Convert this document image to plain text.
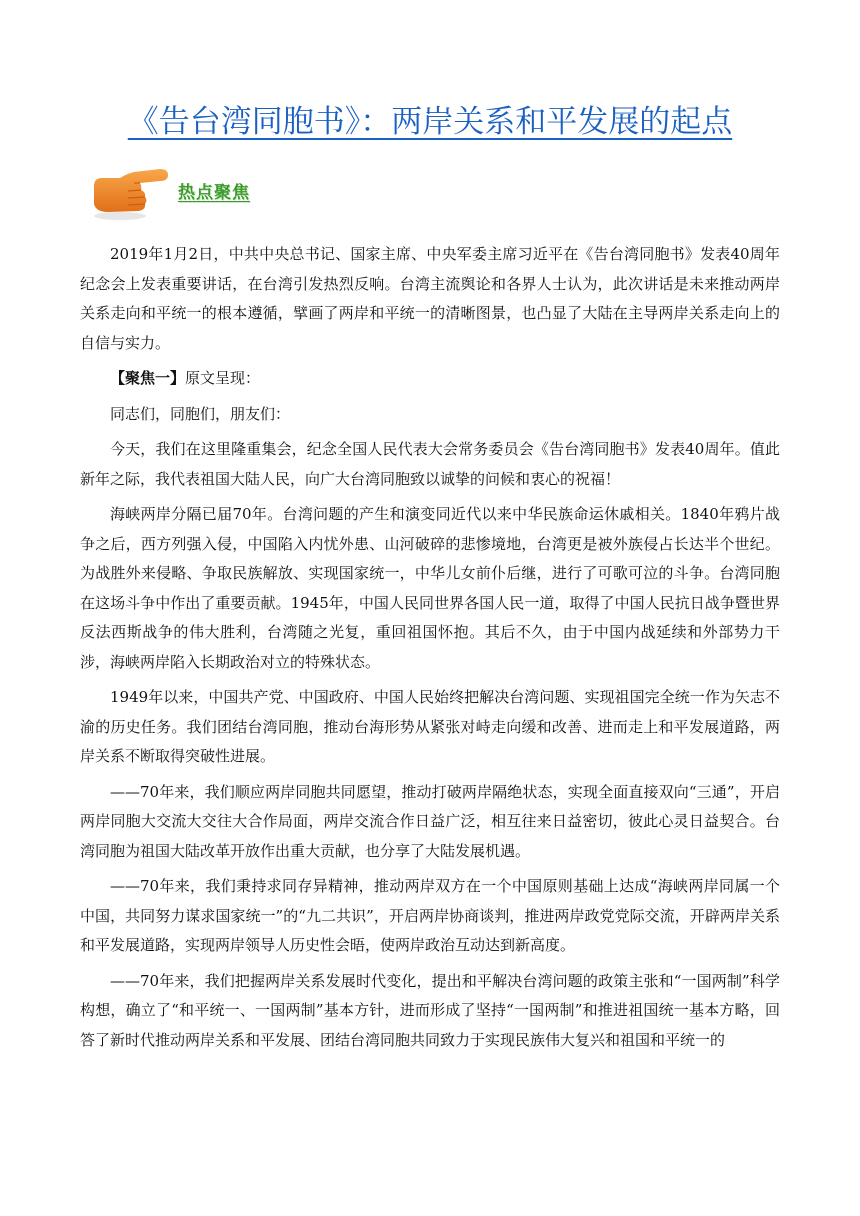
《告台湾同胞书》：两岸关系和平发展的起点
热点聚焦

2019年1月2日，中共中央总书记、国家主席、中央军委主席习近平在《告台湾同胞书》发表40周年纪念会上发表重要讲话，在台湾引发热烈反响。台湾主流舆论和各界人士认为，此次讲话是未来推动两岸关系走向和平统一的根本遵循，擘画了两岸和平统一的清晰图景，也凸显了大陆在主导两岸关系走向上的自信与实力。

【聚焦一】原文呈现：

同志们，同胞们，朋友们：

今天，我们在这里隆重集会，纪念全国人民代表大会常务委员会《告台湾同胞书》发表40周年。值此新年之际，我代表祖国大陆人民，向广大台湾同胞致以诚挚的问候和衷心的祝福！

海峡两岸分隔已届70年。台湾问题的产生和演变同近代以来中华民族命运休戚相关。1840年鸦片战争之后，西方列强入侵，中国陷入内忧外患、山河破碎的悲惨境地，台湾更是被外族侵占长达半个世纪。为战胜外来侵略、争取民族解放、实现国家统一，中华儿女前仆后继，进行了可歌可泣的斗争。台湾同胞在这场斗争中作出了重要贡献。1945年，中国人民同世界各国人民一道，取得了中国人民抗日战争暨世界反法西斯战争的伟大胜利，台湾随之光复，重回祖国怀抱。其后不久，由于中国内战延续和外部势力干涉，海峡两岸陷入长期政治对立的特殊状态。

1949年以来，中国共产党、中国政府、中国人民始终把解决台湾问题、实现祖国完全统一作为矢志不渝的历史任务。我们团结台湾同胞，推动台海形势从紧张对峙走向缓和改善、进而走上和平发展道路，两岸关系不断取得突破性进展。

——70年来，我们顺应两岸同胞共同愿望，推动打破两岸隔绝状态，实现全面直接双向“三通”，开启两岸同胞大交流大交往大合作局面，两岸交流合作日益广泛，相互往来日益密切，彼此心灵日益契合。台湾同胞为祖国大陆改革开放作出重大贡献，也分享了大陆发展机遇。

——70年来，我们秉持求同存异精神，推动两岸双方在一个中国原则基础上达成“海峡两岸同属一个中国，共同努力谋求国家统一”的“九二共识”，开启两岸协商谈判，推进两岸政党党际交流，开辟两岸关系和平发展道路，实现两岸领导人历史性会晤，使两岸政治互动达到新高度。

——70年来，我们把握两岸关系发展时代变化，提出和平解决台湾问题的政策主张和“一国两制”科学构想，确立了“和平统一、一国两制”基本方针，进而形成了坚持“一国两制”和推进祖国统一基本方略，回答了新时代推动两岸关系和平发展、团结台湾同胞共同致力于实现民族伟大复兴和祖国和平统一的
